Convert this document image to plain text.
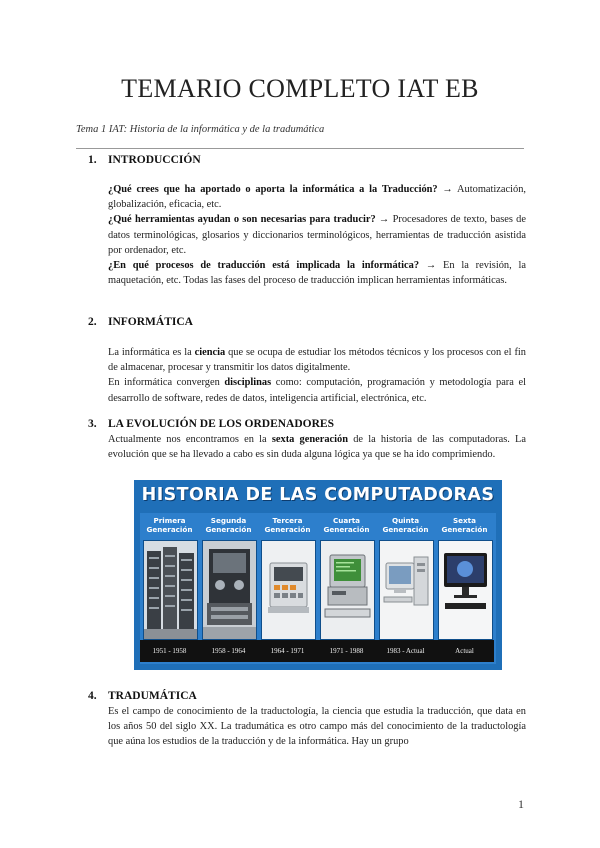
TEMARIO COMPLETO IAT EB
Tema 1 IAT: Historia de la informática y de la tradumática
1. INTRODUCCIÓN

¿Qué crees que ha aportado o aporta la informática a la Traducción? → Automatización, globalización, eficacia, etc.

¿Qué herramientas ayudan o son necesarias para traducir? → Procesadores de texto, bases de datos terminológicas, glosarios y diccionarios terminológicos, herramientas de traducción asistida por ordenador, etc.

¿En qué procesos de traducción está implicada la informática? → En la revisión, la maquetación, etc. Todas las fases del proceso de traducción implican herramientas informáticas.

2. INFORMÁTICA

La informática es la ciencia que se ocupa de estudiar los métodos técnicos y los procesos con el fin de almacenar, procesar y transmitir los datos digitalmente.

En informática convergen disciplinas como: computación, programación y metodología para el desarrollo de software, redes de datos, inteligencia artificial, electrónica, etc.

3. LA EVOLUCIÓN DE LOS ORDENADORES

Actualmente nos encontramos en la sexta generación de la historia de las computadoras. La evolución que se ha llevado a cabo es sin duda alguna lógica ya que se ha ido comprimiendo.

HISTORIA DE LAS COMPUTADORAS
Primera
Generación
1951 - 1958
Segunda
Generación
1958 - 1964
Tercera
Generación
1964 - 1971
Cuarta
Generación
1971 - 1988
Quinta
Generación
1983 - Actual
Sexta
Generación
Actual
4. TRADUMÁTICA

Es el campo de conocimiento de la traductología, la ciencia que estudia la traducción, que data en los años 50 del siglo XX. La tradumática es otro campo más del conocimiento de la traductología que aúna los estudios de la traducción y de la informática. Hay un grupo

1
